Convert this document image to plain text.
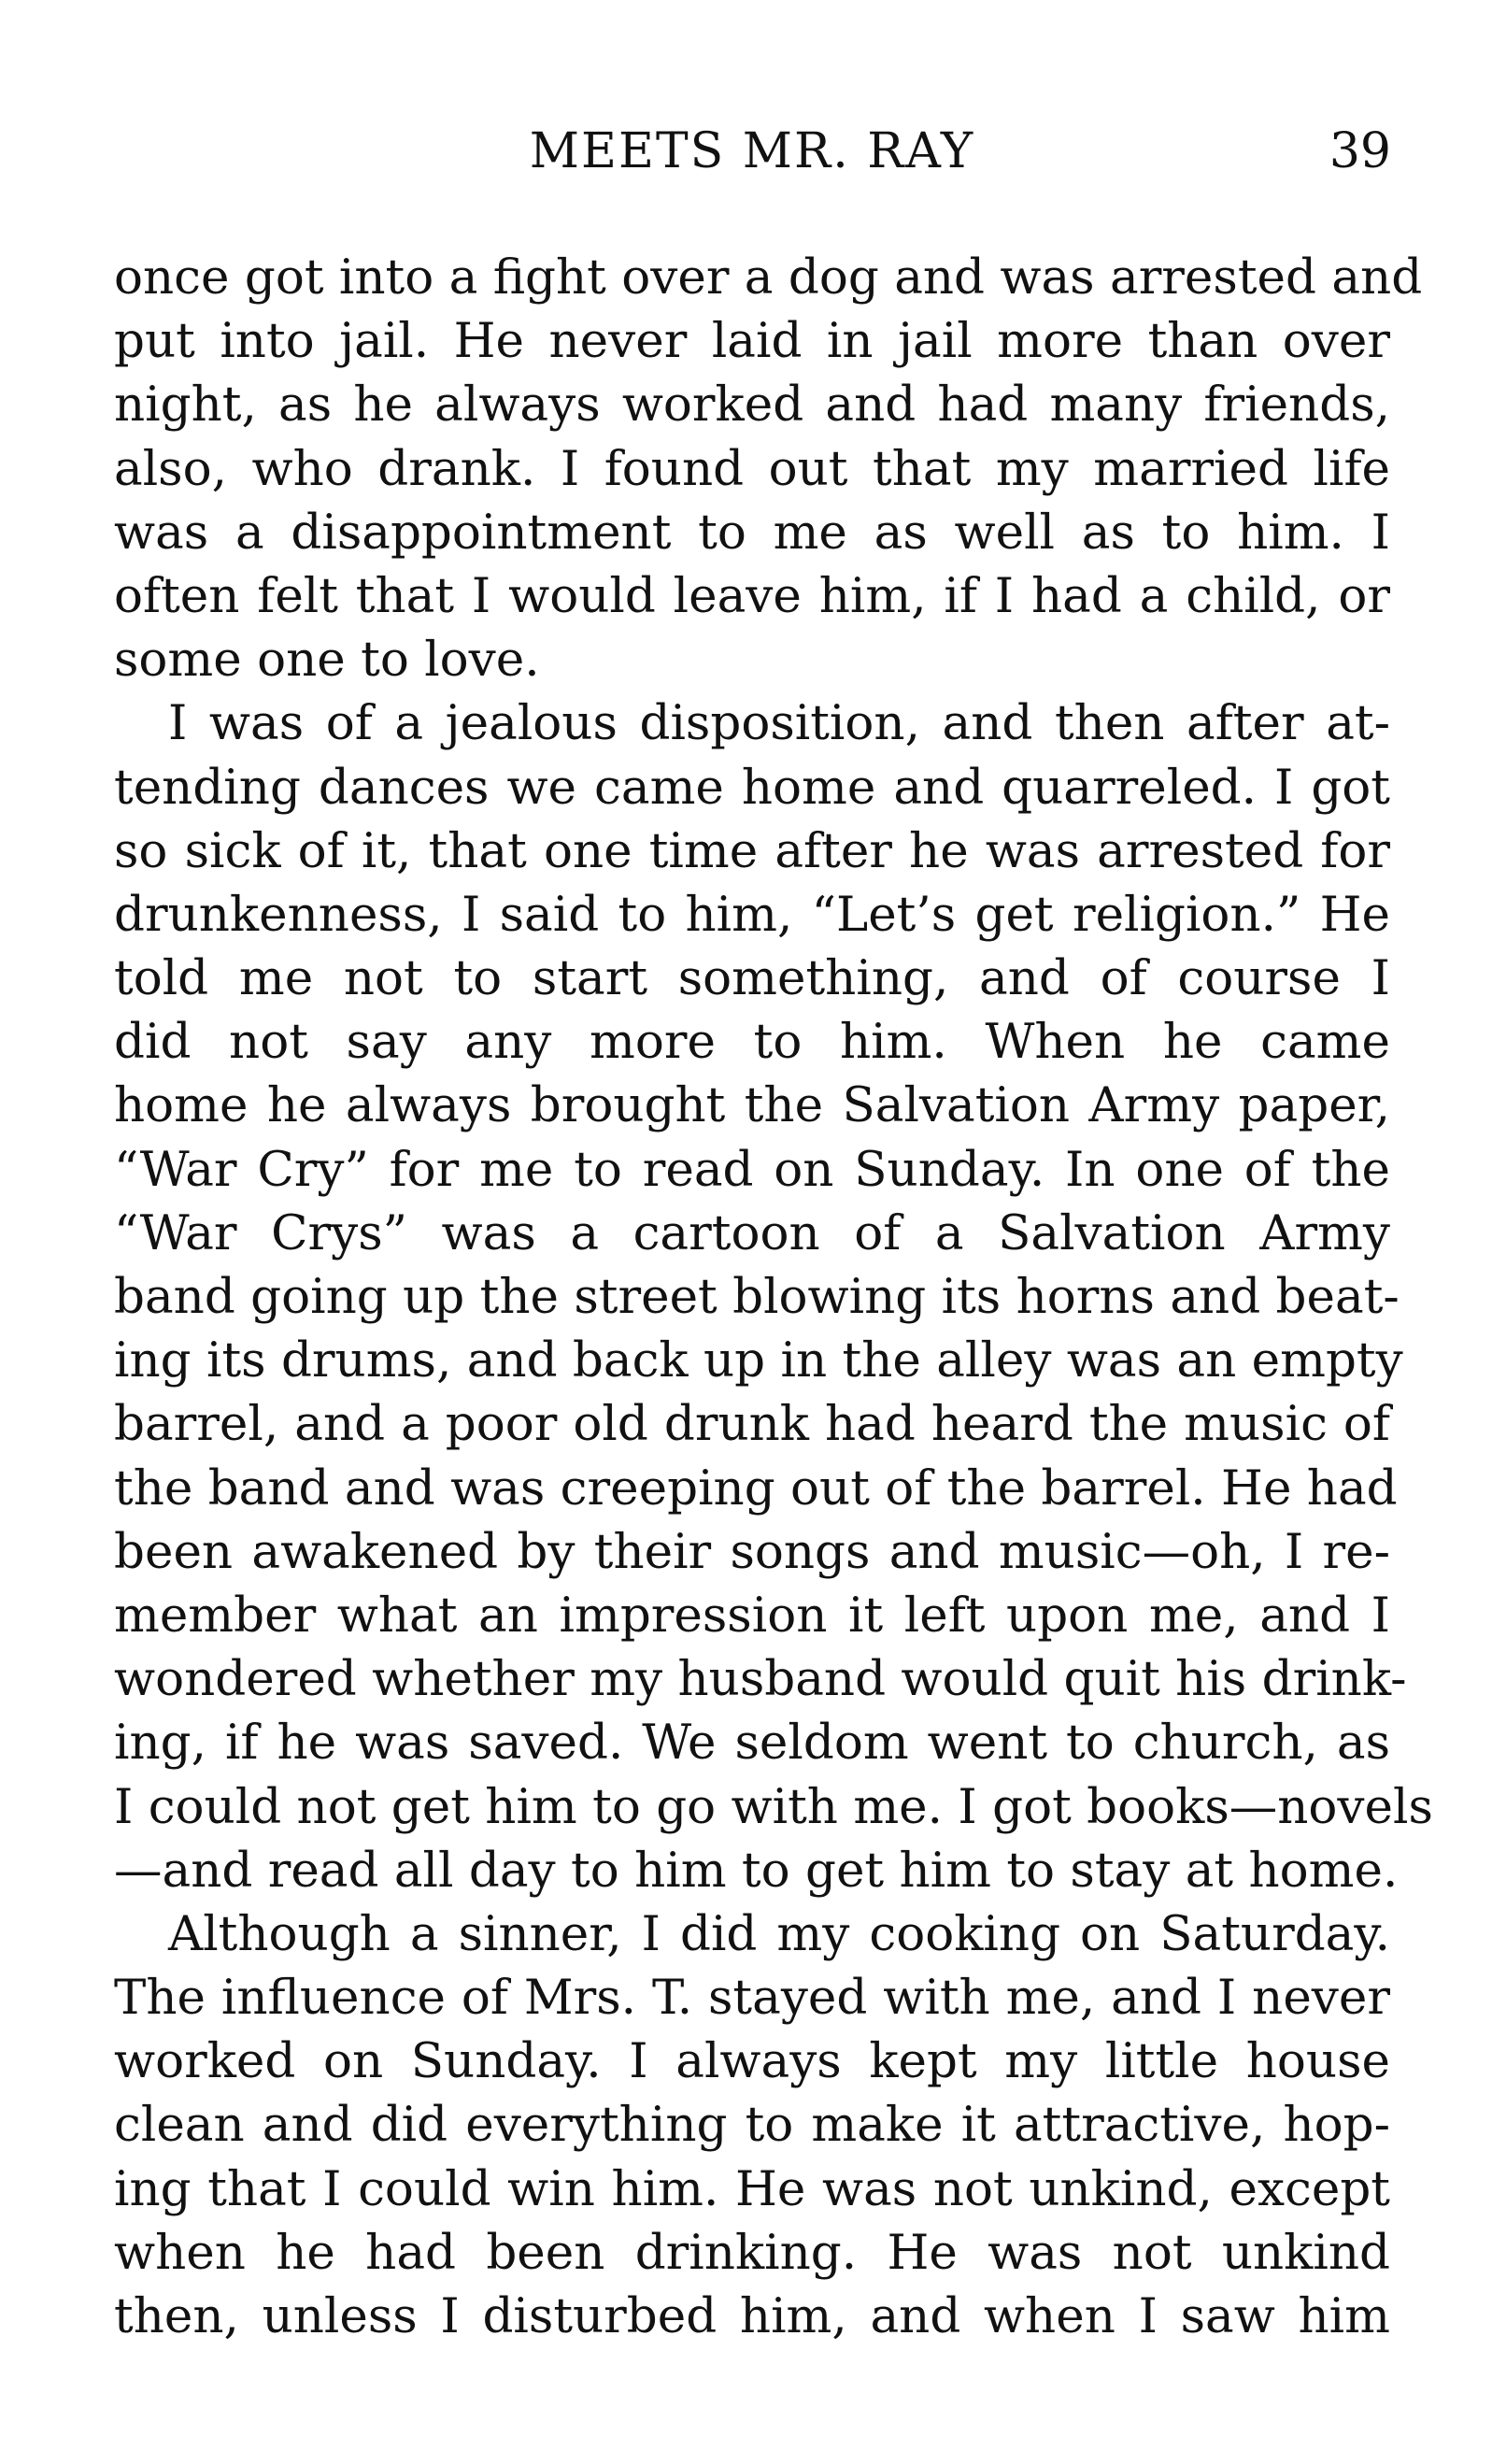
MEETS MR. RAY	39
once got into a fight over a dog and was arrested and
put into jail. He never laid in jail more than over
night, as he always worked and had many friends,
also, who drank. I found out that my married life
was a disappointment to me as well as to him. I
often felt that I would leave him, if I had a child, or
some one to love.
I was of a jealous disposition, and then after at-
tending dances we came home and quarreled. I got
so sick of it, that one time after he was arrested for
drunkenness, I said to him, “Let’s get religion.” He
told me not to start something, and of course I
did not say any more to him. When he came
home he always brought the Salvation Army paper,
“War Cry” for me to read on Sunday. In one of the
“War Crys” was a cartoon of a Salvation Army
band going up the street blowing its horns and beat-
ing its drums, and back up in the alley was an empty
barrel, and a poor old drunk had heard the music of
the band and was creeping out of the barrel. He had
been awakened by their songs and music—oh, I re-
member what an impression it left upon me, and I
wondered whether my husband would quit his drink-
ing, if he was saved. We seldom went to church, as
I could not get him to go with me. I got books—novels
—and read all day to him to get him to stay at home.
Although a sinner, I did my cooking on Saturday.
The influence of Mrs. T. stayed with me, and I never
worked on Sunday. I always kept my little house
clean and did everything to make it attractive, hop-
ing that I could win him. He was not unkind, except
when he had been drinking. He was not unkind
then, unless I disturbed him, and when I saw him
